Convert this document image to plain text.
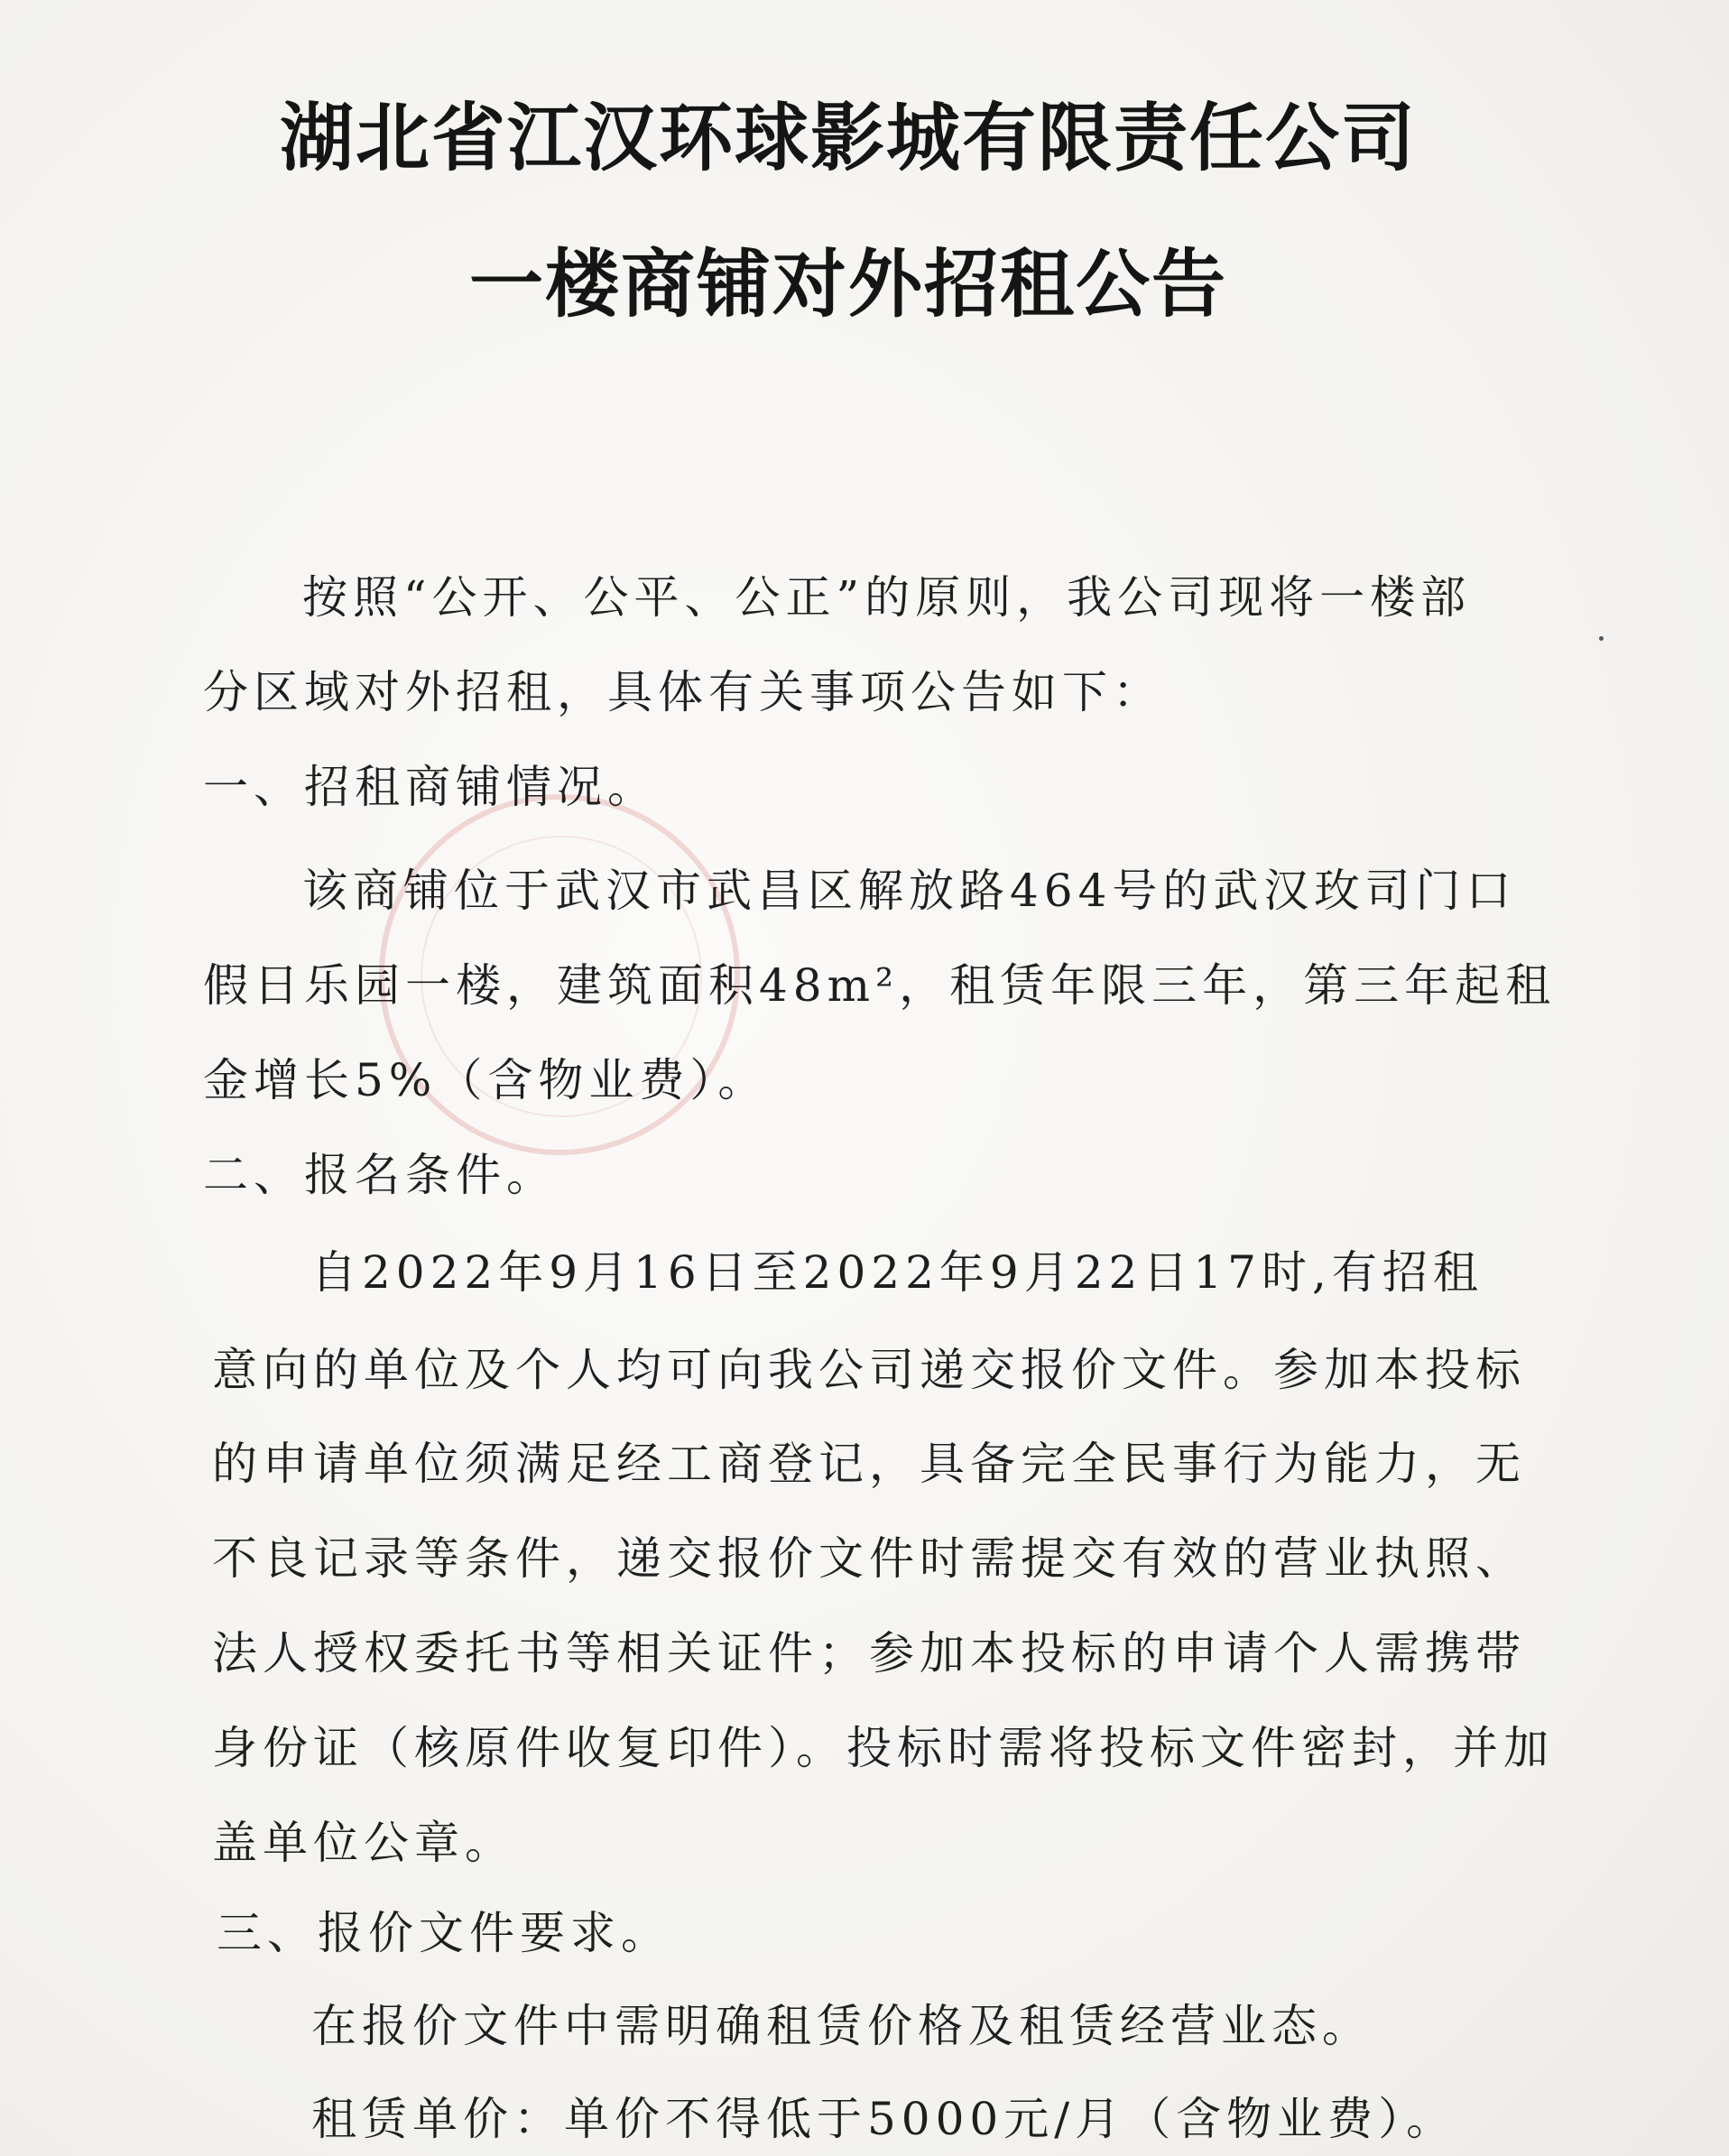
湖北省江汉环球影城有限责任公司
一楼商铺对外招租公告
按照“公开、公平、公正”的原则，我公司现将一楼部
分区域对外招租，具体有关事项公告如下：
一、招租商铺情况。
该商铺位于武汉市武昌区解放路464号的武汉玫司门口
假日乐园一楼，建筑面积48m²，租赁年限三年，第三年起租
金增长5%（含物业费）。
二、报名条件。
自2022年9月16日至2022年9月22日17时,有招租
意向的单位及个人均可向我公司递交报价文件。参加本投标
的申请单位须满足经工商登记，具备完全民事行为能力，无
不良记录等条件，递交报价文件时需提交有效的营业执照、
法人授权委托书等相关证件；参加本投标的申请个人需携带
身份证（核原件收复印件）。投标时需将投标文件密封，并加
盖单位公章。
三、报价文件要求。
在报价文件中需明确租赁价格及租赁经营业态。
租赁单价：单价不得低于5000元/月（含物业费）。
